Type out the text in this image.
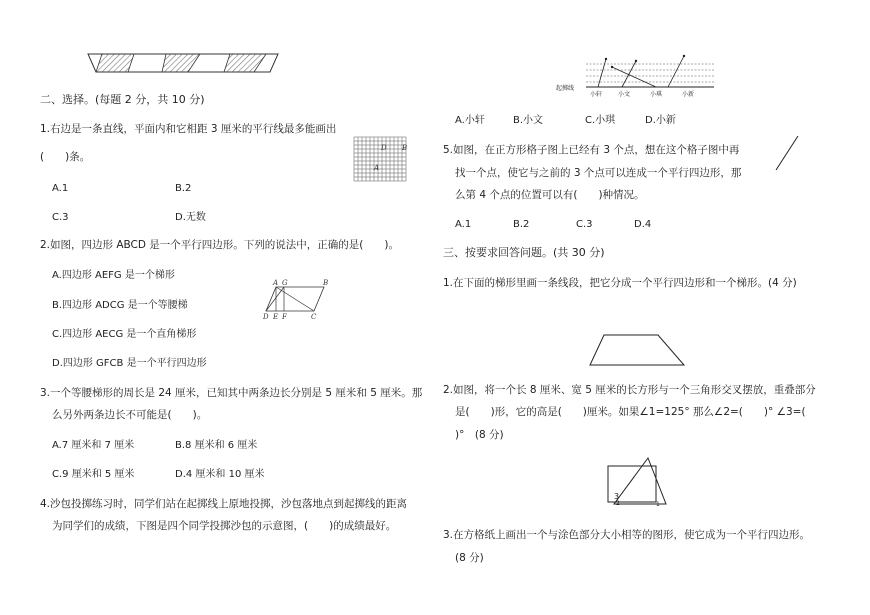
二、选择。(每题 2 分，共 10 分)
1.右边是一条直线，平面内和它相距 3 厘米的平行线最多能画出
(　　)条。
D B
A
A.1	B.2
C.3	D.无数
2.如图，四边形 ABCD 是一个平行四边形。下列的说法中，正确的是(　　)。
A.四边形 AEFG 是一个梯形
B.四边形 ADCG 是一个等腰梯
C.四边形 AECG 是一个直角梯形
D.四边形 GFCB 是一个平行四边形
A G	B
D E F	C
3.一个等腰梯形的周长是 24 厘米，已知其中两条边长分别是 5 厘米和 5 厘米。那
么另外两条边长不可能是(　　)。
A.7 厘米和 7 厘米	B.8 厘米和 6 厘米
C.9 厘米和 5 厘米	D.4 厘米和 10 厘米
4.沙包投掷练习时，同学们站在起掷线上原地投掷，沙包落地点到起掷线的距离
为同学们的成绩，下图是四个同学投掷沙包的示意图，(　　)的成绩最好。
起掷线
小轩	小文	小琪	小新
A.小轩	B.小文	C.小琪	D.小新
5.如图，在正方形格子图上已经有 3 个点，想在这个格子图中再
找一个点，使它与之前的 3 个点可以连成一个平行四边形，那
么第 4 个点的位置可以有(　　)种情况。
A.1	B.2	C.3	D.4
三、按要求回答问题。(共 30 分)
1.在下面的梯形里画一条线段，把它分成一个平行四边形和一个梯形。(4 分)
2.如图，将一个长 8 厘米、宽 5 厘米的长方形与一个三角形交叉摆放，重叠部分
是(　　)形，它的高是(　　)厘米。如果∠1=125° 那么∠2=(　　)° ∠3=(
)°　(8 分)
3
2	1
3.在方格纸上画出一个与涂色部分大小相等的图形，使它成为一个平行四边形。
(8 分)
